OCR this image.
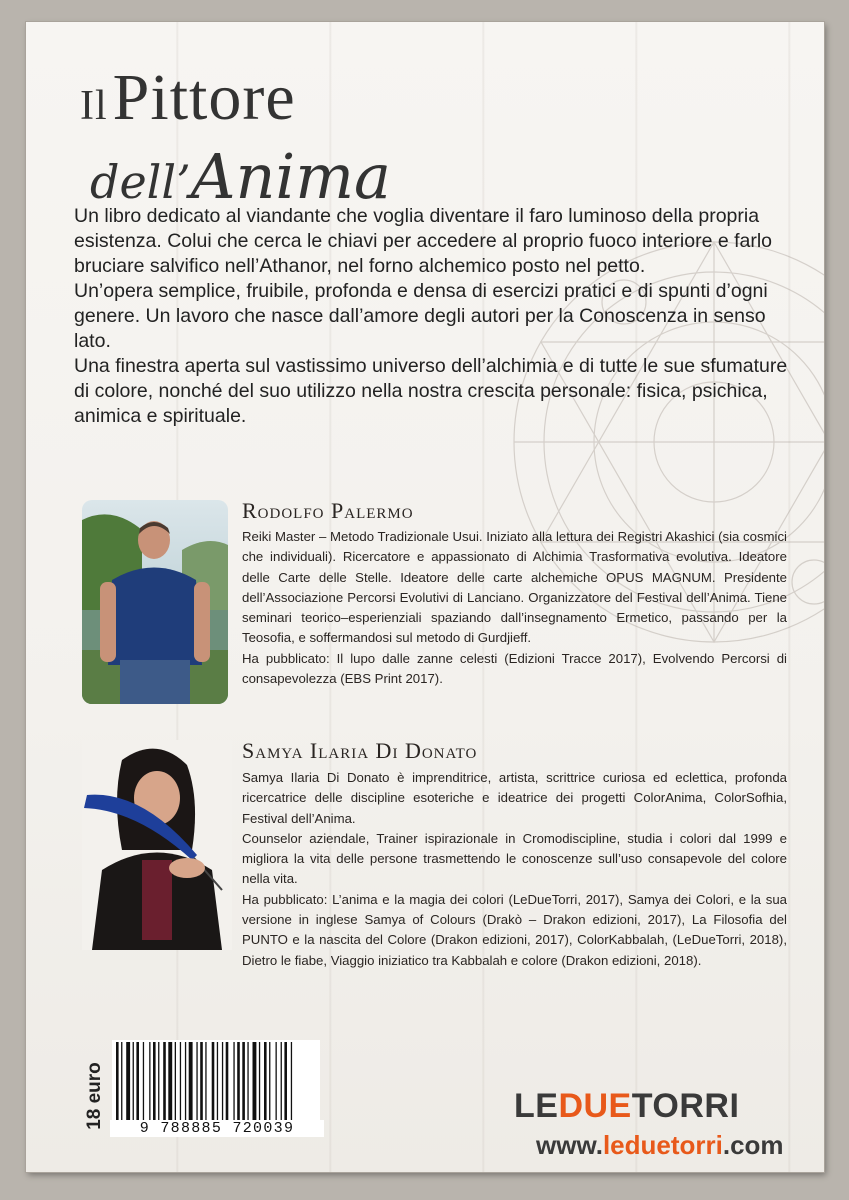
Il Pittore
dell’Anima

Un libro dedicato al viandante che voglia diventare il faro luminoso della propria esistenza. Colui che cerca le chiavi per accedere al proprio fuoco interiore e farlo bruciare salvifico nell’Athanor, nel forno alchemico posto nel petto.

Un’opera semplice, fruibile, profonda e densa di esercizi pratici e di spunti d’ogni genere. Un lavoro che nasce dall’amore degli autori per la Conoscenza in senso lato.

Una finestra aperta sul vastissimo universo dell’alchimia e di tutte le sue sfumature di colore, nonché del suo utilizzo nella nostra crescita personale: fisica, psichica, animica e spirituale.

Rodolfo Palermo

Reiki Master – Metodo Tradizionale Usui. Iniziato alla lettura dei Registri Akashici (sia cosmici che individuali). Ricercatore e appassionato di Alchimia Trasformativa evolutiva. Ideatore delle Carte delle Stelle. Ideatore delle carte alchemiche OPUS MAGNUM. Presidente dell’Associazione Percorsi Evolutivi di Lanciano. Organizzatore del Festival dell’Anima. Tiene seminari teorico–esperienziali spaziando dall’insegnamento Ermetico, passando per la Teosofia, e soffermandosi sul metodo di Gurdjieff.

Ha pubblicato: Il lupo dalle zanne celesti (Edizioni Tracce 2017), Evolvendo Percorsi di consapevolezza (EBS Print 2017).

Samya Ilaria Di Donato

Samya Ilaria Di Donato è imprenditrice, artista, scrittrice curiosa ed eclettica, profonda ricercatrice delle discipline esoteriche e ideatrice dei progetti ColorAnima, ColorSofhia, Festival dell’Anima.

Counselor aziendale, Trainer ispirazionale in Cromodiscipline, studia i colori dal 1999 e migliora la vita delle persone trasmettendo le conoscenze sull’uso consapevole del colore nella vita.

Ha pubblicato: L’anima e la magia dei colori (LeDueTorri, 2017), Samya dei Colori, e la sua versione in inglese Samya of Colours (Drakò – Drakon edizioni, 2017), La Filosofia del PUNTO e la nascita del Colore (Drakon edizioni, 2017), ColorKabbalah, (LeDueTorri, 2018), Dietro le fiabe, Viaggio iniziatico tra Kabbalah e colore (Drakon edizioni, 2018).

18 euro	9 788885 720039
LEDUETORRI
www.leduetorri.com
